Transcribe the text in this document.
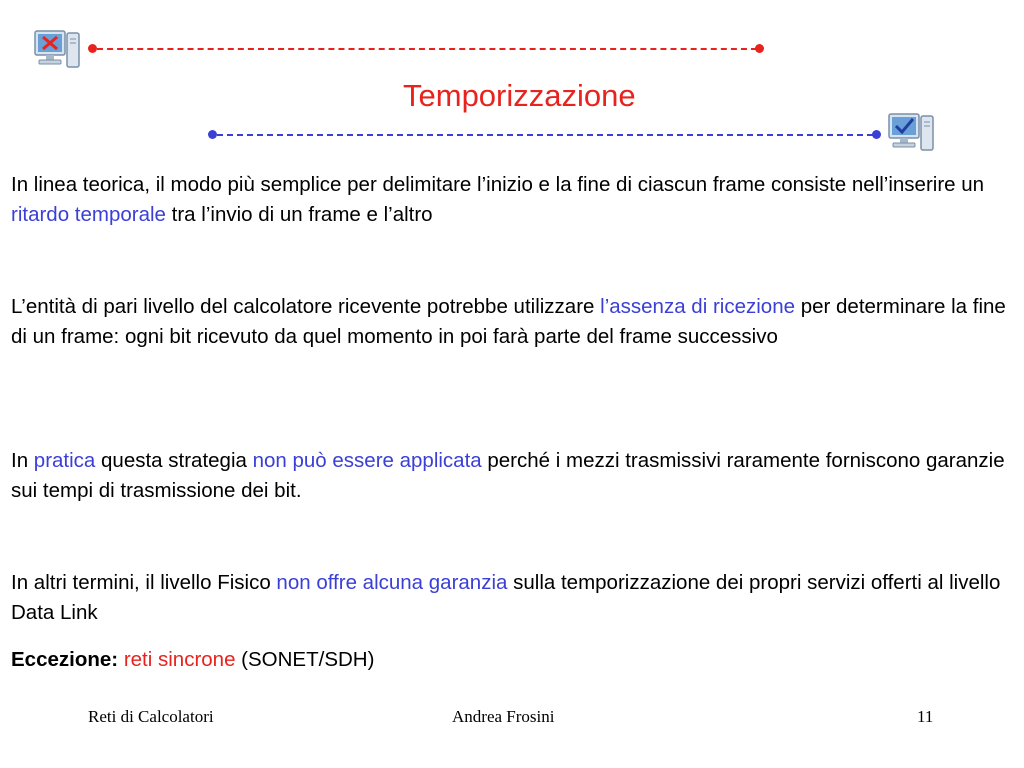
Temporizzazione
In linea teorica, il modo più semplice per delimitare l’inizio e la fine di ciascun frame consiste nell’inserire un ritardo temporale tra l’invio di un frame e l’altro
L’entità di pari livello del calcolatore ricevente potrebbe utilizzare l’assenza di ricezione per determinare la fine di un frame: ogni bit ricevuto da quel momento in poi farà parte del frame successivo
In pratica questa strategia non può essere applicata perché i mezzi trasmissivi raramente forniscono garanzie sui tempi di trasmissione dei bit.
In altri termini, il livello Fisico non offre alcuna garanzia sulla temporizzazione dei propri servizi offerti al livello Data Link
Eccezione: reti sincrone (SONET/SDH)
Reti di Calcolatori	Andrea Frosini	11
